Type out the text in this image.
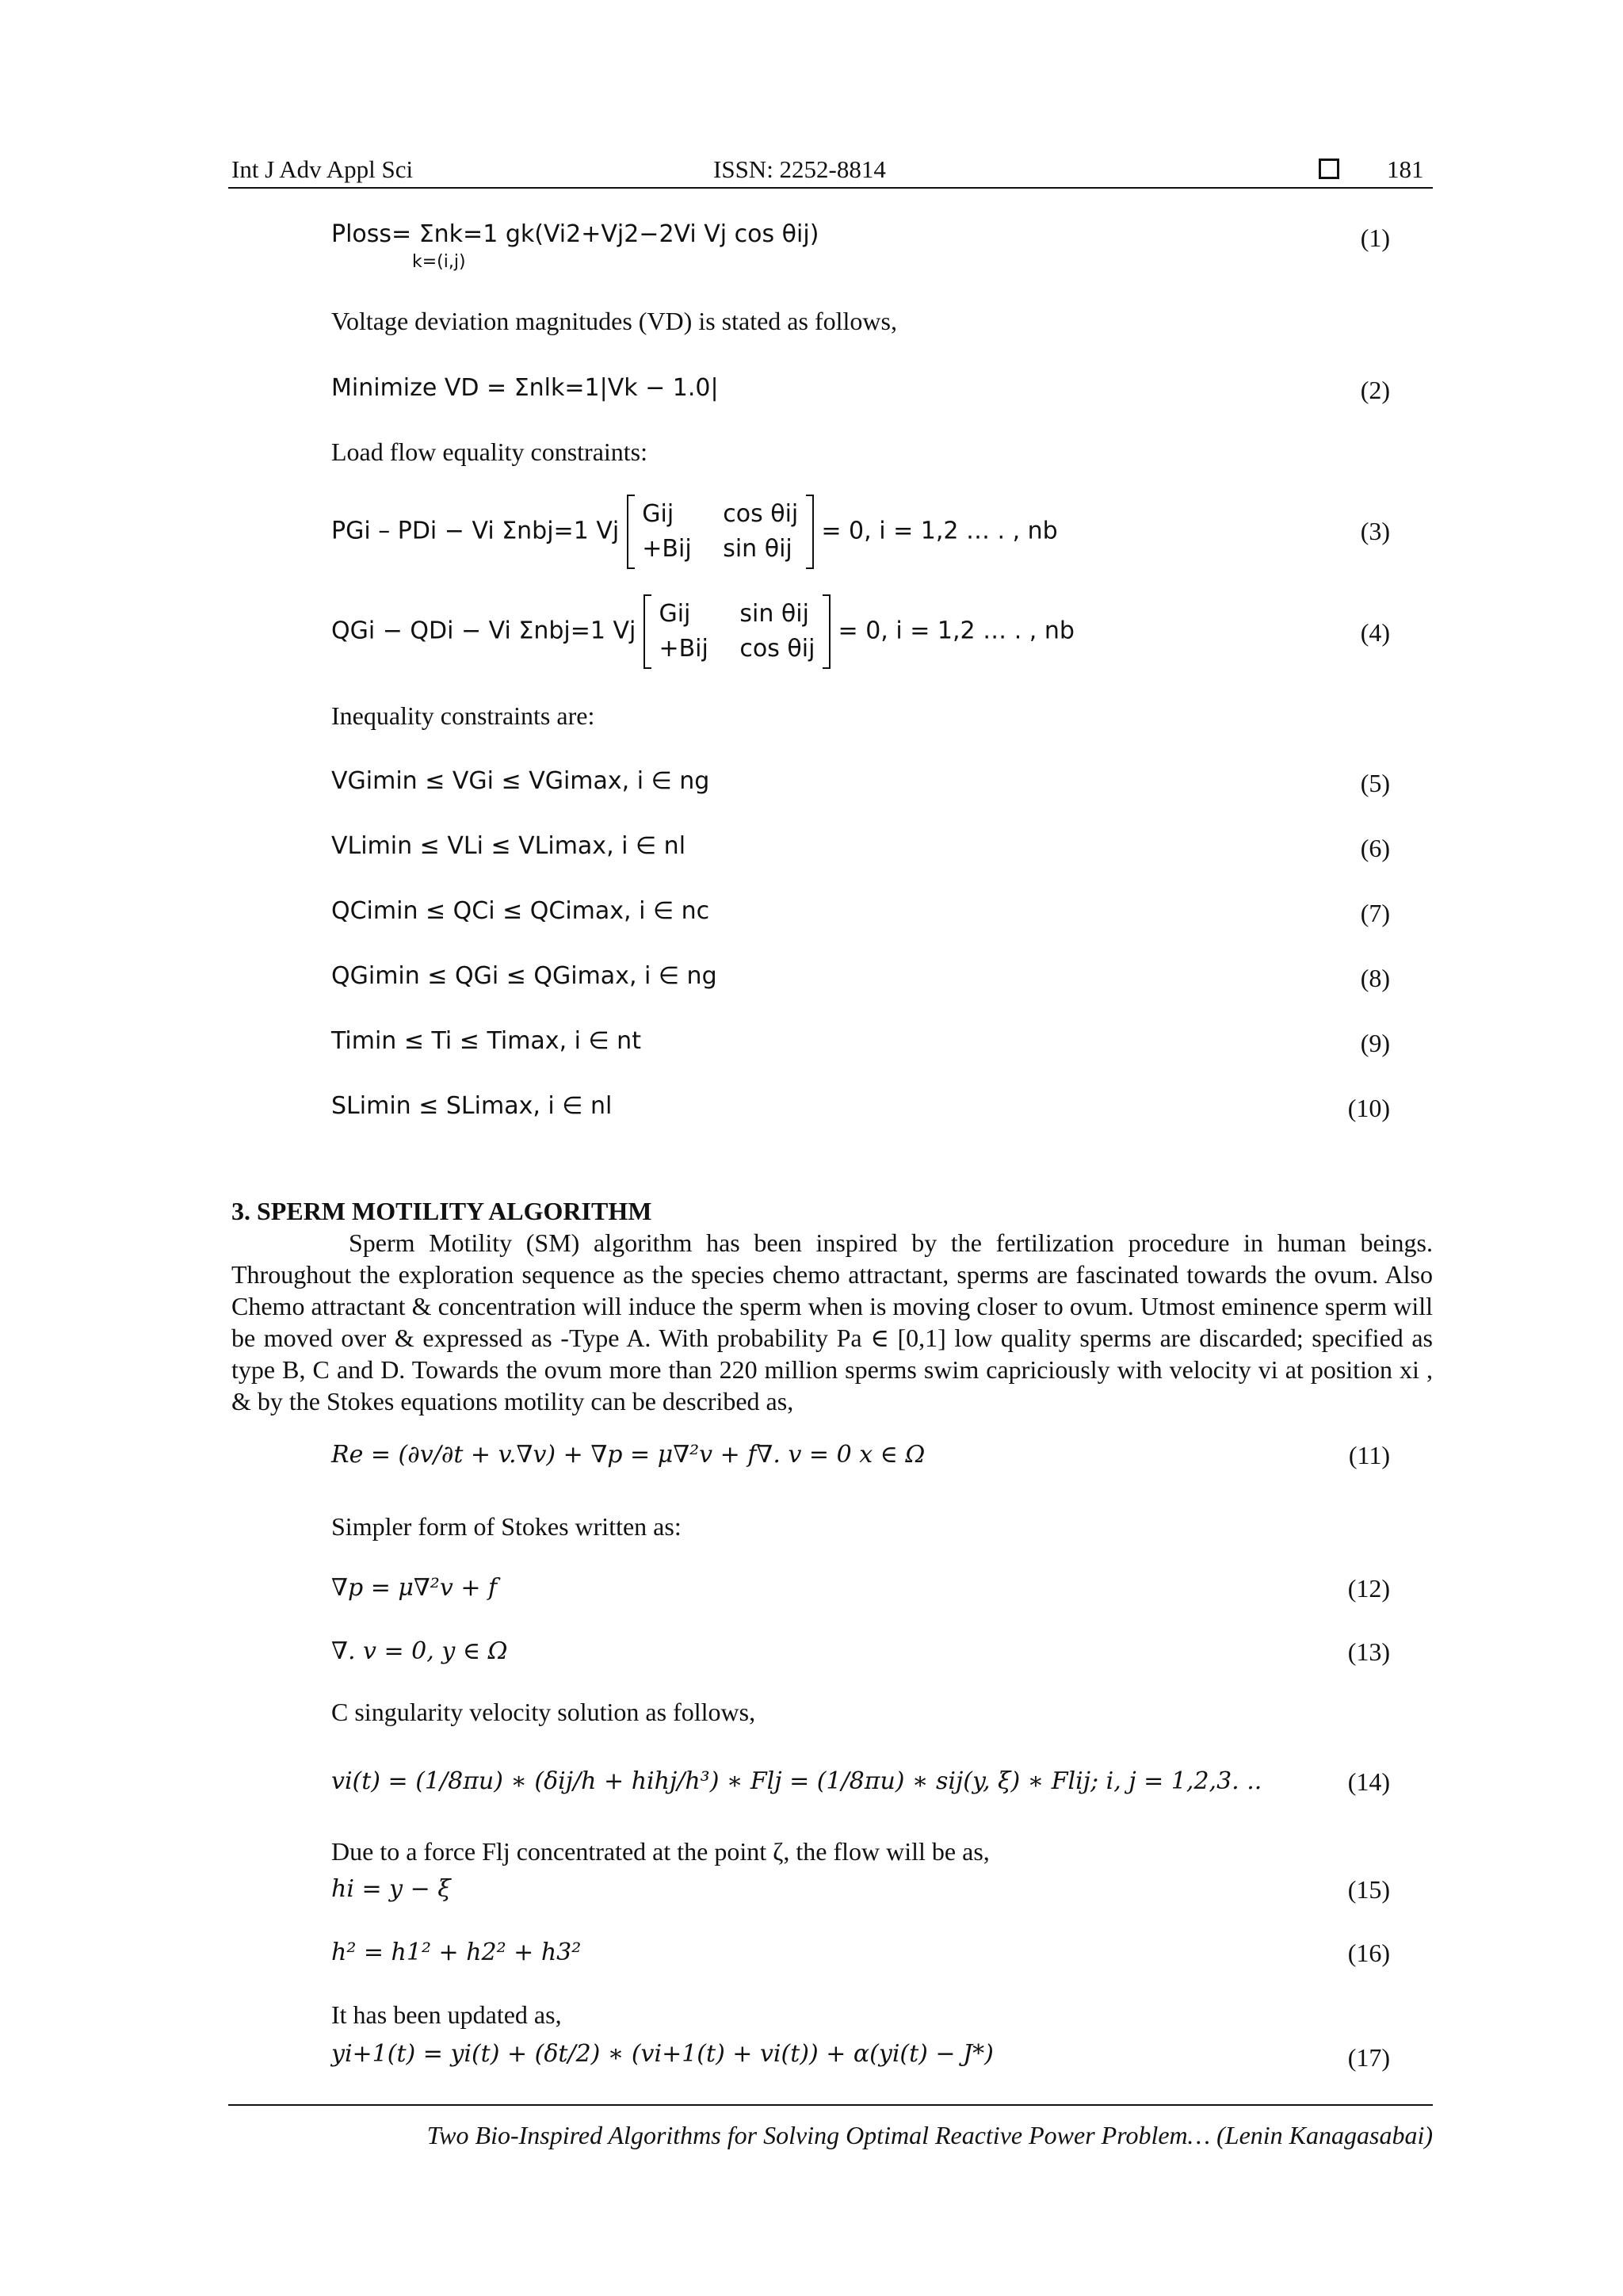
Int J Adv Appl Sci	ISSN: 2252-8814	181
Ploss= Σnk=1 gk(Vi2+Vj2−2Vi Vj cos θij)
k=(i,j)
(1)
Voltage deviation magnitudes (VD) is stated as follows,
Minimize VD = Σnlk=1|Vk − 1.0|	(2)
Load flow equality constraints:
PGi – PDi − Vi Σnbj=1 Vj
Gij
+Bij

cos θij
sin θij
= 0, i = 1,2 … . , nb	(3)
QGi − QDi − Vi Σnbj=1 Vj
Gij
+Bij

sin θij
cos θij
= 0, i = 1,2 … . , nb	(4)
Inequality constraints are:
VGimin ≤ VGi ≤ VGimax, i ∈ ng	(5)
VLimin ≤ VLi ≤ VLimax, i ∈ nl	(6)
QCimin ≤ QCi ≤ QCimax, i ∈ nc	(7)
QGimin ≤ QGi ≤ QGimax, i ∈ ng	(8)
Timin ≤ Ti ≤ Timax, i ∈ nt	(9)
SLimin ≤ SLimax, i ∈ nl	(10)
3. SPERM MOTILITY ALGORITHM
Sperm Motility (SM) algorithm has been inspired by the fertilization procedure in human beings. Throughout the exploration sequence as the species chemo attractant, sperms are fascinated towards the ovum. Also Chemo attractant & concentration will induce the sperm when is moving closer to ovum. Utmost eminence sperm will be moved over & expressed as -Type A. With probability Pa ∈ [0,1] low quality sperms are discarded; specified as type B, C and D. Towards the ovum more than 220 million sperms swim capriciously with velocity vi at position xi , & by the Stokes equations motility can be described as,
Re = (∂v/∂t + v.∇v) + ∇p = μ∇²v + f∇. v = 0 x ∈ Ω	(11)
Simpler form of Stokes written as:
∇p = μ∇²v + f	(12)
∇. v = 0, y ∈ Ω	(13)
C singularity velocity solution as follows,
vi(t) = (1/8πu) ∗ (δij/h + hihj/h³) ∗ Flj = (1/8πu) ∗ sij(y, ξ) ∗ Flij; i, j = 1,2,3. ..	(14)
Due to a force Flj concentrated at the point ζ, the flow will be as,
hi = y − ξ	(15)
h² = h1² + h2² + h3²	(16)
It has been updated as,
yi+1(t) = yi(t) + (δt/2) ∗ (vi+1(t) + vi(t)) + α(yi(t) − J*)	(17)
Two Bio-Inspired Algorithms for Solving Optimal Reactive Power Problem… (Lenin Kanagasabai)
